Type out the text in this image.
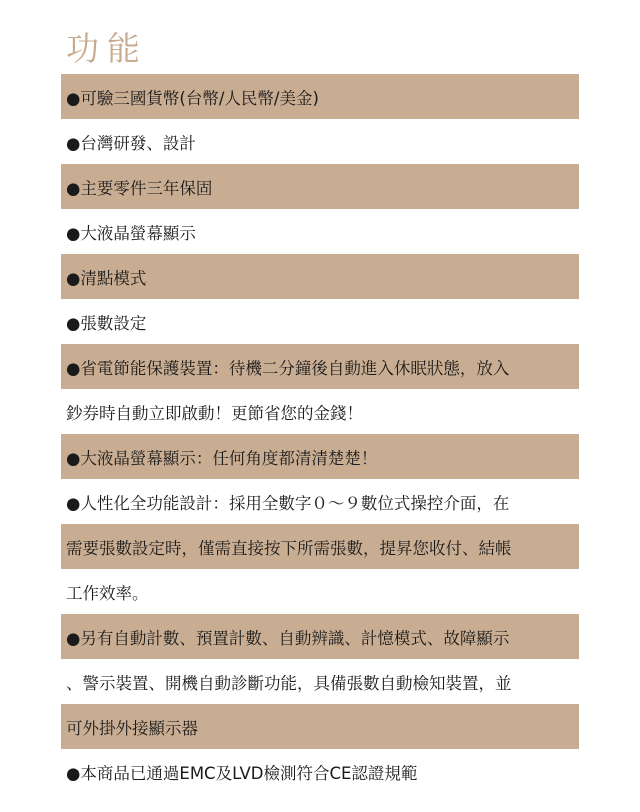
功能
●可驗三國貨幣(台幣/人民幣/美金)
●台灣研發、設計
●主要零件三年保固
●大液晶螢幕顯示
●清點模式
●張數設定
●省電節能保護裝置：待機二分鐘後自動進入休眠狀態，放入
鈔券時自動立即啟動！更節省您的金錢！
●大液晶螢幕顯示：任何角度都清清楚楚！
●人性化全功能設計：採用全數字０～９數位式操控介面，在
需要張數設定時，僅需直接按下所需張數，提昇您收付、結帳
工作效率。
●另有自動計數、預置計數、自動辨識、計憶模式、故障顯示
、警示裝置、開機自動診斷功能，具備張數自動檢知裝置，並
可外掛外接顯示器
●本商品已通過EMC及LVD檢測符合CE認證規範
